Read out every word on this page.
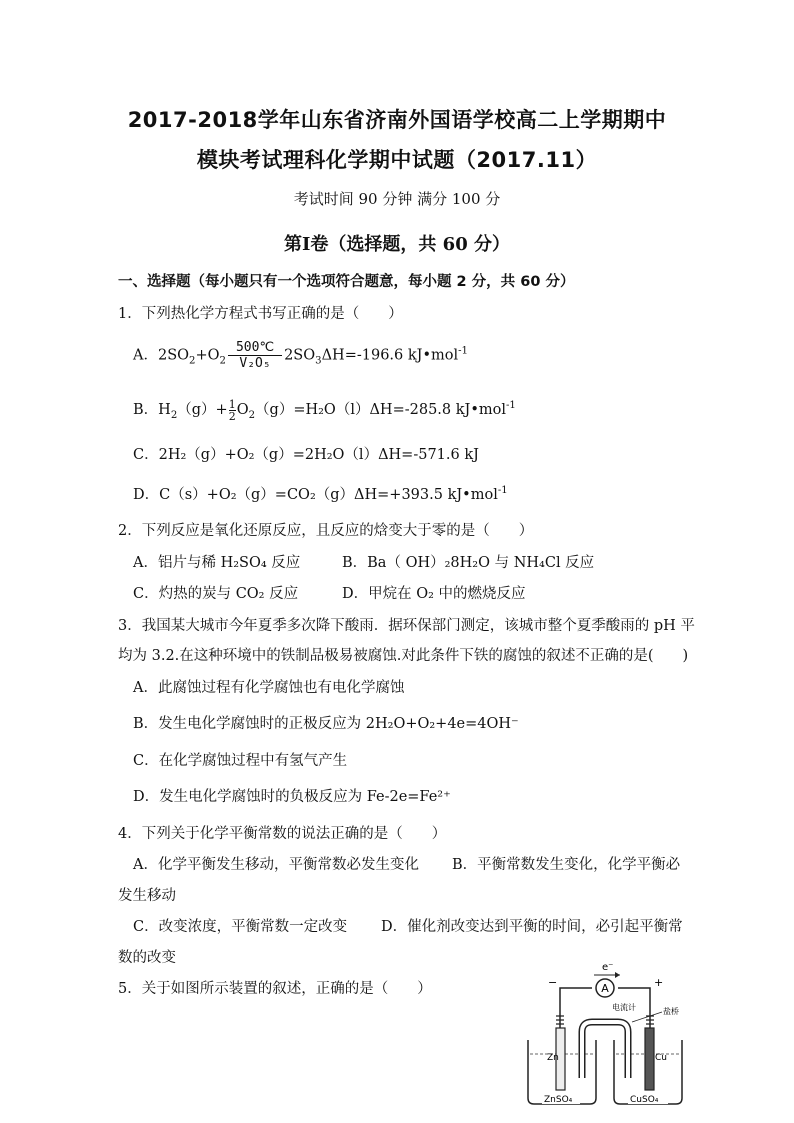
2017-2018学年山东省济南外国语学校高二上学期期中
模块考试理科化学期中试题（2017.11）
考试时间 90 分钟 满分 100 分
第Ⅰ卷（选择题，共 60 分）
一、选择题（每小题只有一个选项符合题意，每小题 2 分，共 60 分）
1．下列热化学方程式书写正确的是（　　）
A．$2SO_2+O_2 \frac{500℃}{\text{V₂O₅}} 2SO_3\Delta H=-196.6$ kJ•mol$^{-1}$
B．$H_2(g)+ \frac{1}{2}O_2(g)=H_2O(l)\Delta H=-285.8$ kJ•mol$^{-1}$
C．2H₂（g）+O₂（g）=2H₂O（l）ΔH=-571.6 kJ
D．C（s）+O₂（g）=CO₂（g）ΔH=+393.5 kJ•mol$^{-1}$
2．下列反应是氧化还原反应，且反应的焓变大于零的是（　　）
A．铝片与稀 H₂SO₄ 反应	B．Ba（ OH）₂8H₂O 与 NH₄Cl 反应
C．灼热的炭与 CO₂ 反应	D．甲烷在 O₂ 中的燃烧反应
3．我国某大城市今年夏季多次降下酸雨．据环保部门测定，该城市整个夏季酸雨的 pH 平
均为 3.2.在这种环境中的铁制品极易被腐蚀.对此条件下铁的腐蚀的叙述不正确的是(　　)
A．此腐蚀过程有化学腐蚀也有电化学腐蚀
B．发生电化学腐蚀时的正极反应为 2H₂O+O₂+4e=4OH⁻
C．在化学腐蚀过程中有氢气产生
D．发生电化学腐蚀时的负极反应为 Fe-2e=Fe²⁺
4．下列关于化学平衡常数的说法正确的是（　　）
A．化学平衡发生移动，平衡常数必发生变化 B．平衡常数发生变化，化学平衡必
发生移动
C．改变浓度，平衡常数一定改变 D．催化剂改变达到平衡的时间，必引起平衡常
数的改变
5．关于如图所示装置的叙述，正确的是（　　）	A
电流计
e⁻
−	+
Zn	Cu
盐桥
ZnSO₄	CuSO₄
